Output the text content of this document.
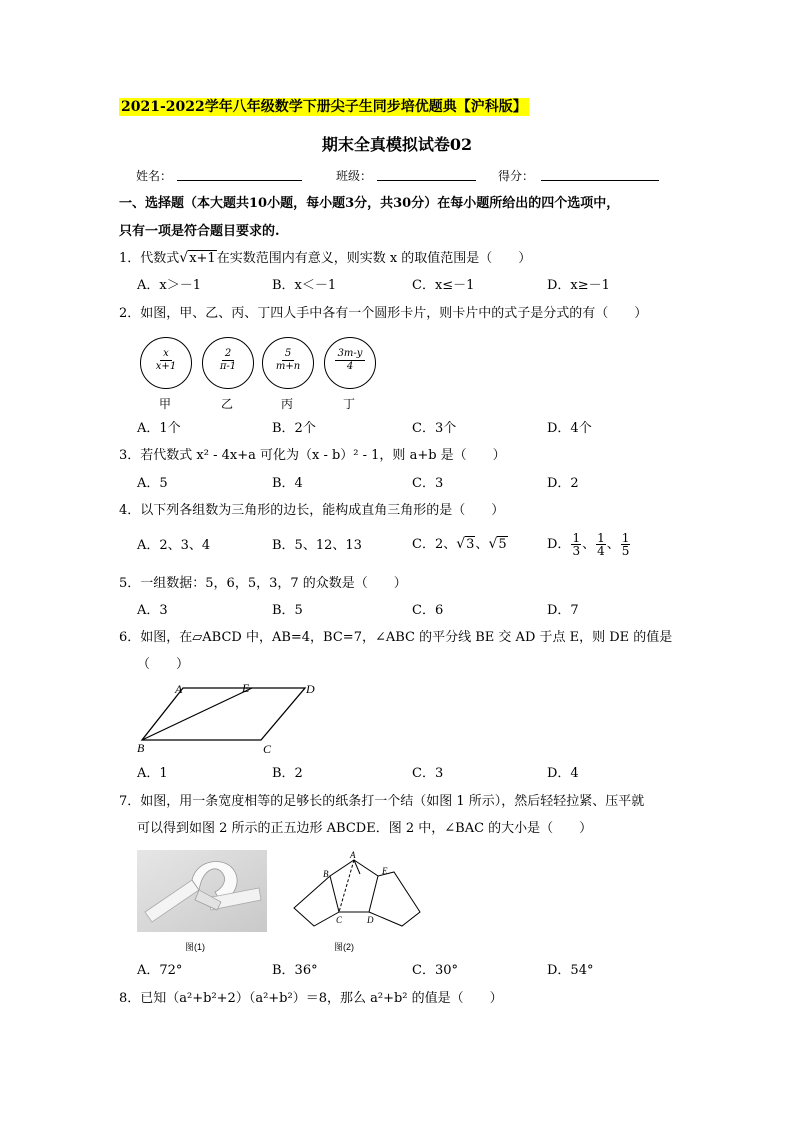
2021-2022学年八年级数学下册尖子生同步培优题典【沪科版】
期末全真模拟试卷02
姓名：	班级：	得分：
一、选择题（本大题共10小题，每小题3分，共30分）在每小题所给出的四个选项中，
只有一项是符合题目要求的.
1．代数式√x+1在实数范围内有意义，则实数 x 的取值范围是（　　）
A．x＞－1	B．x＜－1	C．x≤－1	D．x≥－1
2．如图，甲、乙、丙、丁四人手中各有一个圆形卡片，则卡片中的式子是分式的有（　　）
$\frac{x}{x+1} \frac{2}{\pi-1} \frac{5}{m+n} \frac{3m-y}{4}$
甲	乙	丙	丁
A．1个	B．2个	C．3个	D．4个
3．若代数式 x² - 4x+a 可化为（x - b）² - 1，则 a+b 是（　　）
A．5	B．4	C．3	D．2
4．以下列各组数为三角形的边长，能构成直角三角形的是（　　）
A．2、3、4	B．5、12、13	C．2、√3、√5	D． $\frac{1}{3}$ 、 $\frac{1}{4}$ 、 $\frac{1}{5}$
5．一组数据：5，6，5，3，7 的众数是（　　）
A．3	B．5	C．6	D．7
6．如图，在▱ABCD 中，AB=4，BC=7，∠ABC 的平分线 BE 交 AD 于点 E，则 DE 的值是
（　　）
A	E	D
B	C
A．1	B．2	C．3	D．4
7．如图，用一条宽度相等的足够长的纸条打一个结（如图 1 所示），然后轻轻拉紧、压平就
可以得到如图 2 所示的正五边形 ABCDE．图 2 中，∠BAC 的大小是（　　）
图(1)
A
B
C	D
E
图(2)
A．72°	B．36°	C．30°	D．54°
8．已知（a²+b²+2）（a²+b²）＝8，那么 a²+b² 的值是（　　）
